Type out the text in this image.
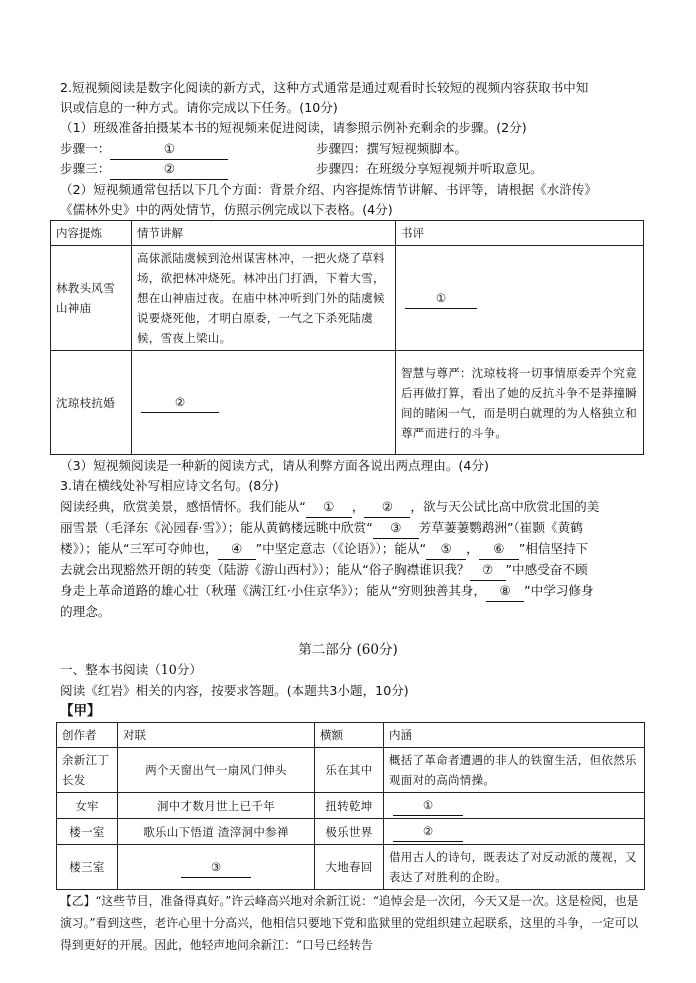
2.短视频阅读是数字化阅读的新方式，这种方式通常是通过观看时长较短的视频内容获取书中知
识或信息的一种方式。请你完成以下任务。(10分)
（1）班级准备拍摄某本书的短视频来促进阅读，请参照示例补充剩余的步骤。(2分)
步骤一：	①	步骤四：撰写短视频脚本。
步骤三：	②	步骤四：在班级分享短视频并听取意见。
（2）短视频通常包括以下几个方面：背景介绍、内容提炼情节讲解、书评等，请根据《水浒传》
《儒林外史》中的两处情节，仿照示例完成以下表格。(4分)
内容提炼	情节讲解	书评
林教头风雪山神庙	高俅派陆虞候到沧州谋害林冲，一把火烧了草料场，欲把林冲烧死。林冲出门打酒，下着大雪，想在山神庙过夜。在庙中林冲听到门外的陆虞候说要烧死他，才明白原委，一气之下杀死陆虞候，雪夜上梁山。	①
沈琼枝抗婚	②	智慧与尊严：沈琼枝将一切事情原委弄个究竟后再做打算，看出了她的反抗斗争不是莽撞瞬间的睹闲一气，而是明白就理的为人格独立和尊严而进行的斗争。
（3）短视频阅读是一种新的阅读方式，请从利弊方面各说出两点理由。(4分)
3.请在横线处补写相应诗文名句。(8分)
阅读经典，欣赏美景，感悟情怀。我们能从“ ① ， ② ，欲与天公试比高中欣赏北国的美
丽雪景（毛泽东《沁园春·雪》）；能从黄鹤楼远眺中欣赏“ ③ 芳草萋萋鹦鹉洲”（崔颢《黄鹤
楼》）；能从“三军可夺帅也， ④ ”中坚定意志（《论语》）；能从“ ⑤ ， ⑥ ”相信坚持下
去就会出现豁然开朗的转变（陆游《游山西村》）；能从“俗子胸襟谁识我？ ⑦ ”中感受奋不顾
身走上革命道路的雄心壮（秋瑾《满江红·小住京华》）；能从“穷则独善其身， ⑧ ”中学习修身
的理念。
第二部分 (60分)
一、整本书阅读（10分）
阅读《红岩》相关的内容，按要求答题。(本题共3小题，10分)
【甲】
创作者	对联	横额	内涵
余新江丁长发	两个天窗出气一扇风门伸头	乐在其中	概括了革命者遭遇的非人的铁窗生活，但依然乐观面对的高尚情操。
女牢	洞中才数月世上已千年	扭转乾坤	①
楼一室	歌乐山下悟道 渣滓洞中参禅	极乐世界	②
楼三室	③	大地春回	借用古人的诗句，既表达了对反动派的蔑视，又表达了对胜利的企盼。
【乙】“这些节目，准备得真好。”许云峰高兴地对余新江说：“追悼会是一次闭，今天又是一次。这是检阅，也是演习。”看到这些，老许心里十分高兴，他相信只要地下党和监狱里的党组织建立起联系，这里的斗争，一定可以得到更好的开展。因此，他轻声地问余新江：“口号已经转告
